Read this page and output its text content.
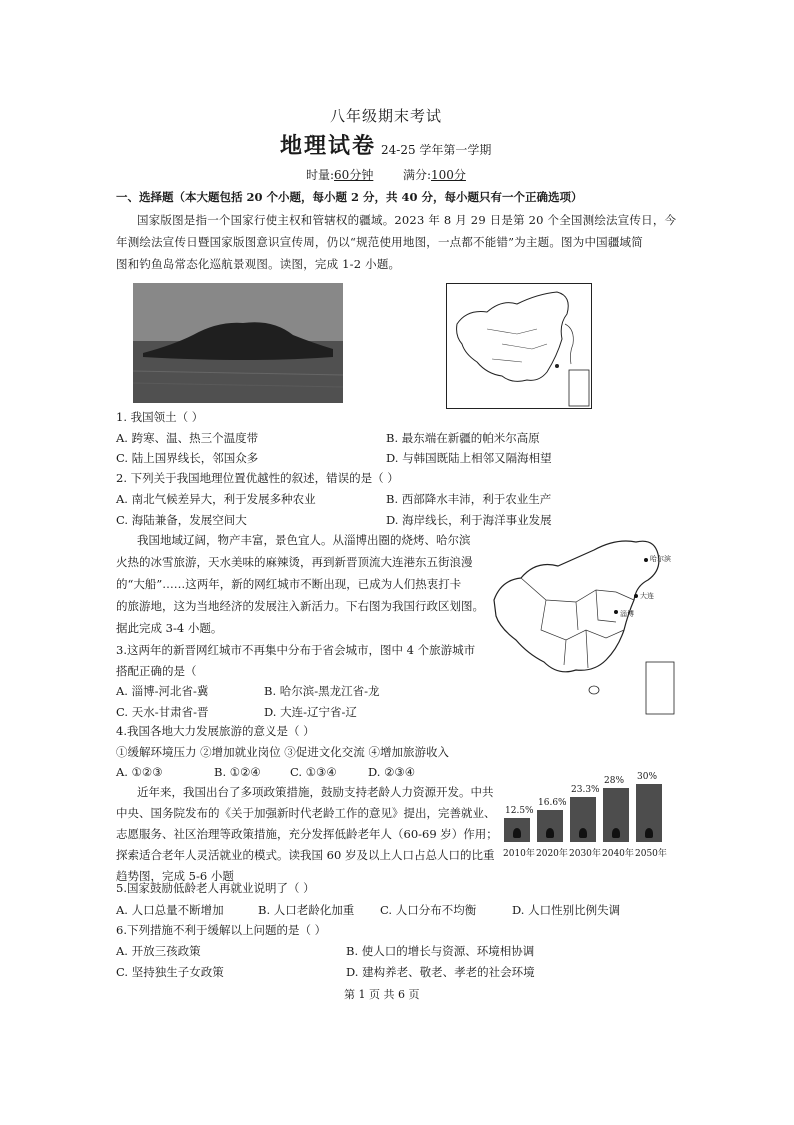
八年级期末考试
地理试卷 24-25 学年第一学期
时量:60分钟 满分:100分
一、选择题（本大题包括 20 个小题，每小题 2 分，共 40 分，每小题只有一个正确选项）
国家版图是指一个国家行使主权和管辖权的疆域。2023 年 8 月 29 日是第 20 个全国测绘法宣传日，今
年测绘法宣传日暨国家版图意识宣传周，仍以“规范使用地图，一点都不能错”为主题。图为中国疆域简
图和钓鱼岛常态化巡航景观图。读图，完成 1-2 小题。
1. 我国领土（ ）
A. 跨寒、温、热三个温度带	B. 最东端在新疆的帕米尔高原
C. 陆上国界线长，邻国众多	D. 与韩国既陆上相邻又隔海相望
2. 下列关于我国地理位置优越性的叙述，错误的是（ ）
A. 南北气候差异大，利于发展多种农业	B. 西部降水丰沛，利于农业生产
C. 海陆兼备，发展空间大	D. 海岸线长，利于海洋事业发展
我国地域辽阔，物产丰富，景色宜人。从淄博出圈的烧烤、哈尔滨
火热的冰雪旅游，天水美味的麻辣烫，再到新晋顶流大连港东五街浪漫
的“大船”……这两年，新的网红城市不断出现，已成为人们热衷打卡
的旅游地，这为当地经济的发展注入新活力。下右图为我国行政区划图。
据此完成 3-4 小题。
哈尔滨
大连
淄博
3.这两年的新晋网红城市不再集中分布于省会城市，图中 4 个旅游城市
搭配正确的是（
A. 淄博-河北省-冀	B. 哈尔滨-黑龙江省-龙
C. 天水-甘肃省-晋	D. 大连-辽宁省-辽
4.我国各地大力发展旅游的意义是（ ）
①缓解环境压力 ②增加就业岗位 ③促进文化交流 ④增加旅游收入
A. ①②③	B. ①②④	C. ①③④	D. ②③④
近年来，我国出台了多项政策措施，鼓励支持老龄人力资源开发。中共
中央、国务院发布的《关于加强新时代老龄工作的意见》提出，完善就业、
志愿服务、社区治理等政策措施，充分发挥低龄老年人（60-69 岁）作用；
探索适合老年人灵活就业的模式。读我国 60 岁及以上人口占总人口的比重
趋势图，完成 5-6 小题
12.5%
2010年
16.6%
2020年
23.3%
2030年
28%
2040年
30%
2050年
5.国家鼓励低龄老人再就业说明了（ ）
A. 人口总量不断增加	B. 人口老龄化加重 C. 人口分布不均衡	D. 人口性别比例失调
6.下列措施不利于缓解以上问题的是（ ）
A. 开放三孩政策	B. 使人口的增长与资源、环境相协调
C. 坚持独生子女政策	D. 建构养老、敬老、孝老的社会环境
第 1 页 共 6 页
